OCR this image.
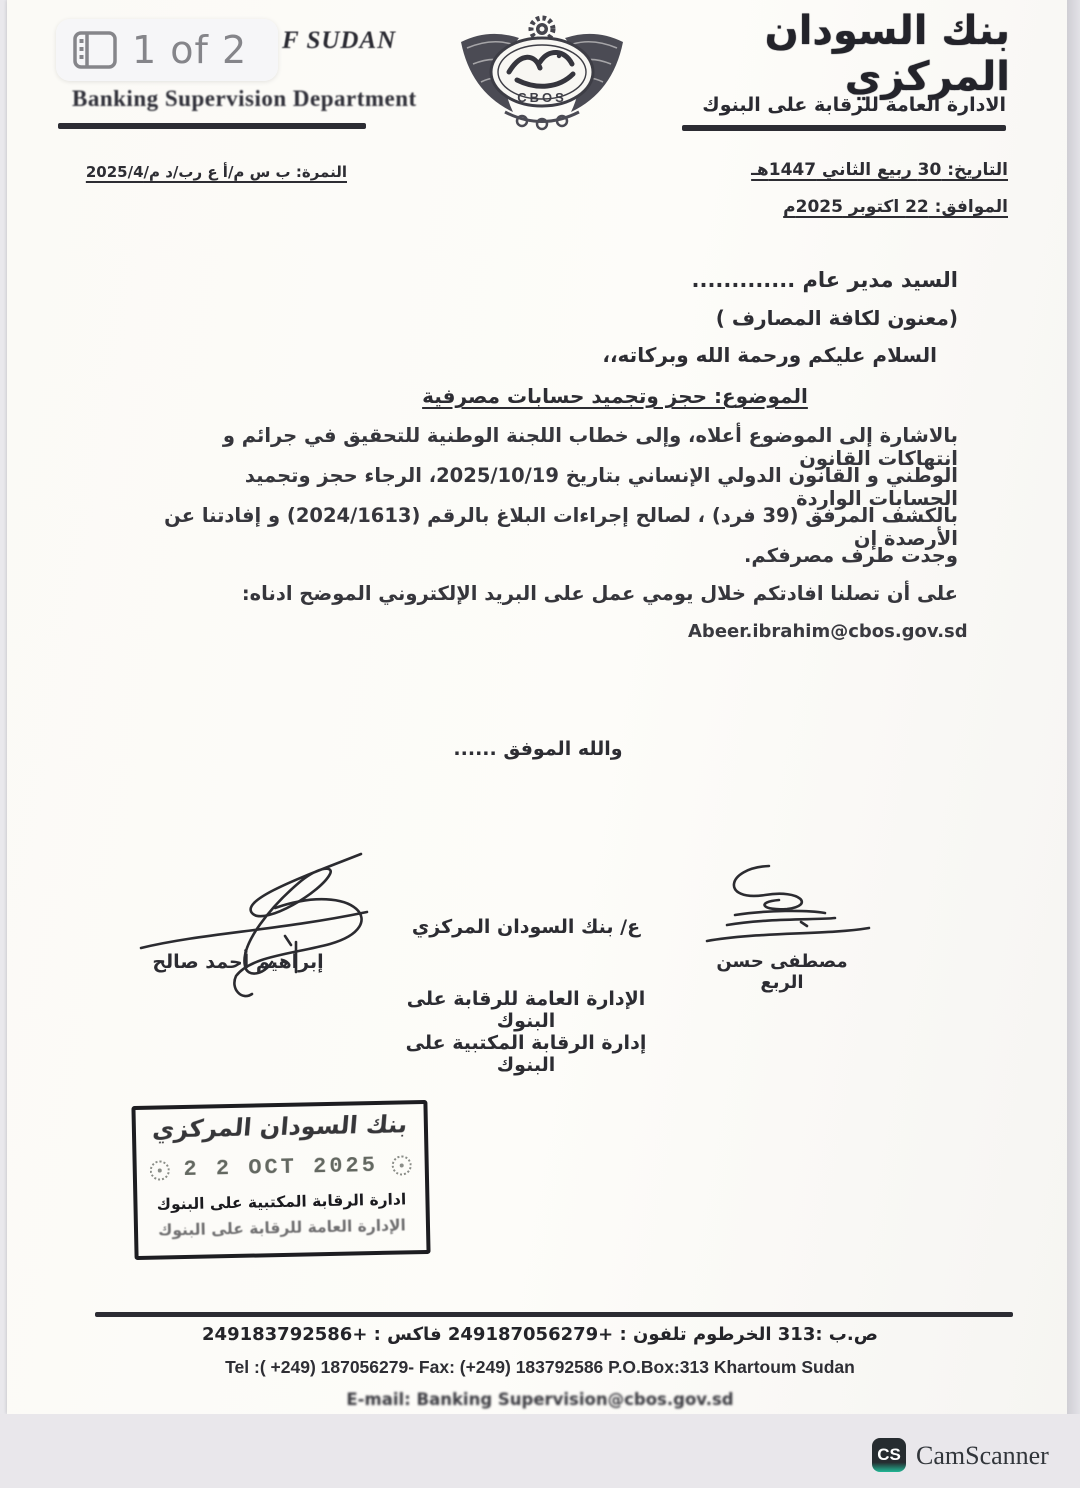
F SUDAN
Banking Supervision Department
1 of 2
CBOS
بنك السودان المركزي
الادارة العامة للرقابة على البنوك
النمرة: ب س م/أ ع رب/د م/2025/4	التاريخ: 30 ربيع الثاني 1447هـ
الموافق: 22 اكتوبر 2025م
السيد مدير عام .............
(معنون لكافة المصارف )
السلام عليكم ورحمة الله وبركاته،،
الموضوع: حجز وتجميد حسابات مصرفية
بالاشارة إلى الموضوع أعلاه، وإلى خطاب اللجنة الوطنية للتحقيق في جرائم و انتهاكات القانون
الوطني و القانون الدولي الإنساني بتاريخ 2025/10/19، الرجاء حجز وتجميد الحسابات الواردة
بالكشف المرفق (39 فرد) ، لصالح إجراءات البلاغ بالرقم (2024/1613) و إفادتنا عن الأرصدة إن
وجدت طرف مصرفكم.
على أن تصلنا افادتكم خلال يومي عمل على البريد الإلكتروني الموضح ادناه:
Abeer.ibrahim@cbos.gov.sd
والله الموفق ......
إبراهيم أحمد صالح
ع/ بنك السودان المركزي
الإدارة العامة للرقابة على البنوك
إدارة الرقابة المكتبية على البنوك
مصطفى حسن الربع
بنك السودان المركزي
2 2 OCT 2025
ادارة الرقابة المكتبية على البنوك
الإدارة العامة للرقابة على البنوك
ص.ب :313 الخرطوم تلفون : +249187056279 فاكس : +249183792586
Tel :( +249) 187056279- Fax: (+249) 183792586 P.O.Box:313 Khartoum Sudan
E-mail: Banking Supervision@cbos.gov.sd
CS CamScanner
